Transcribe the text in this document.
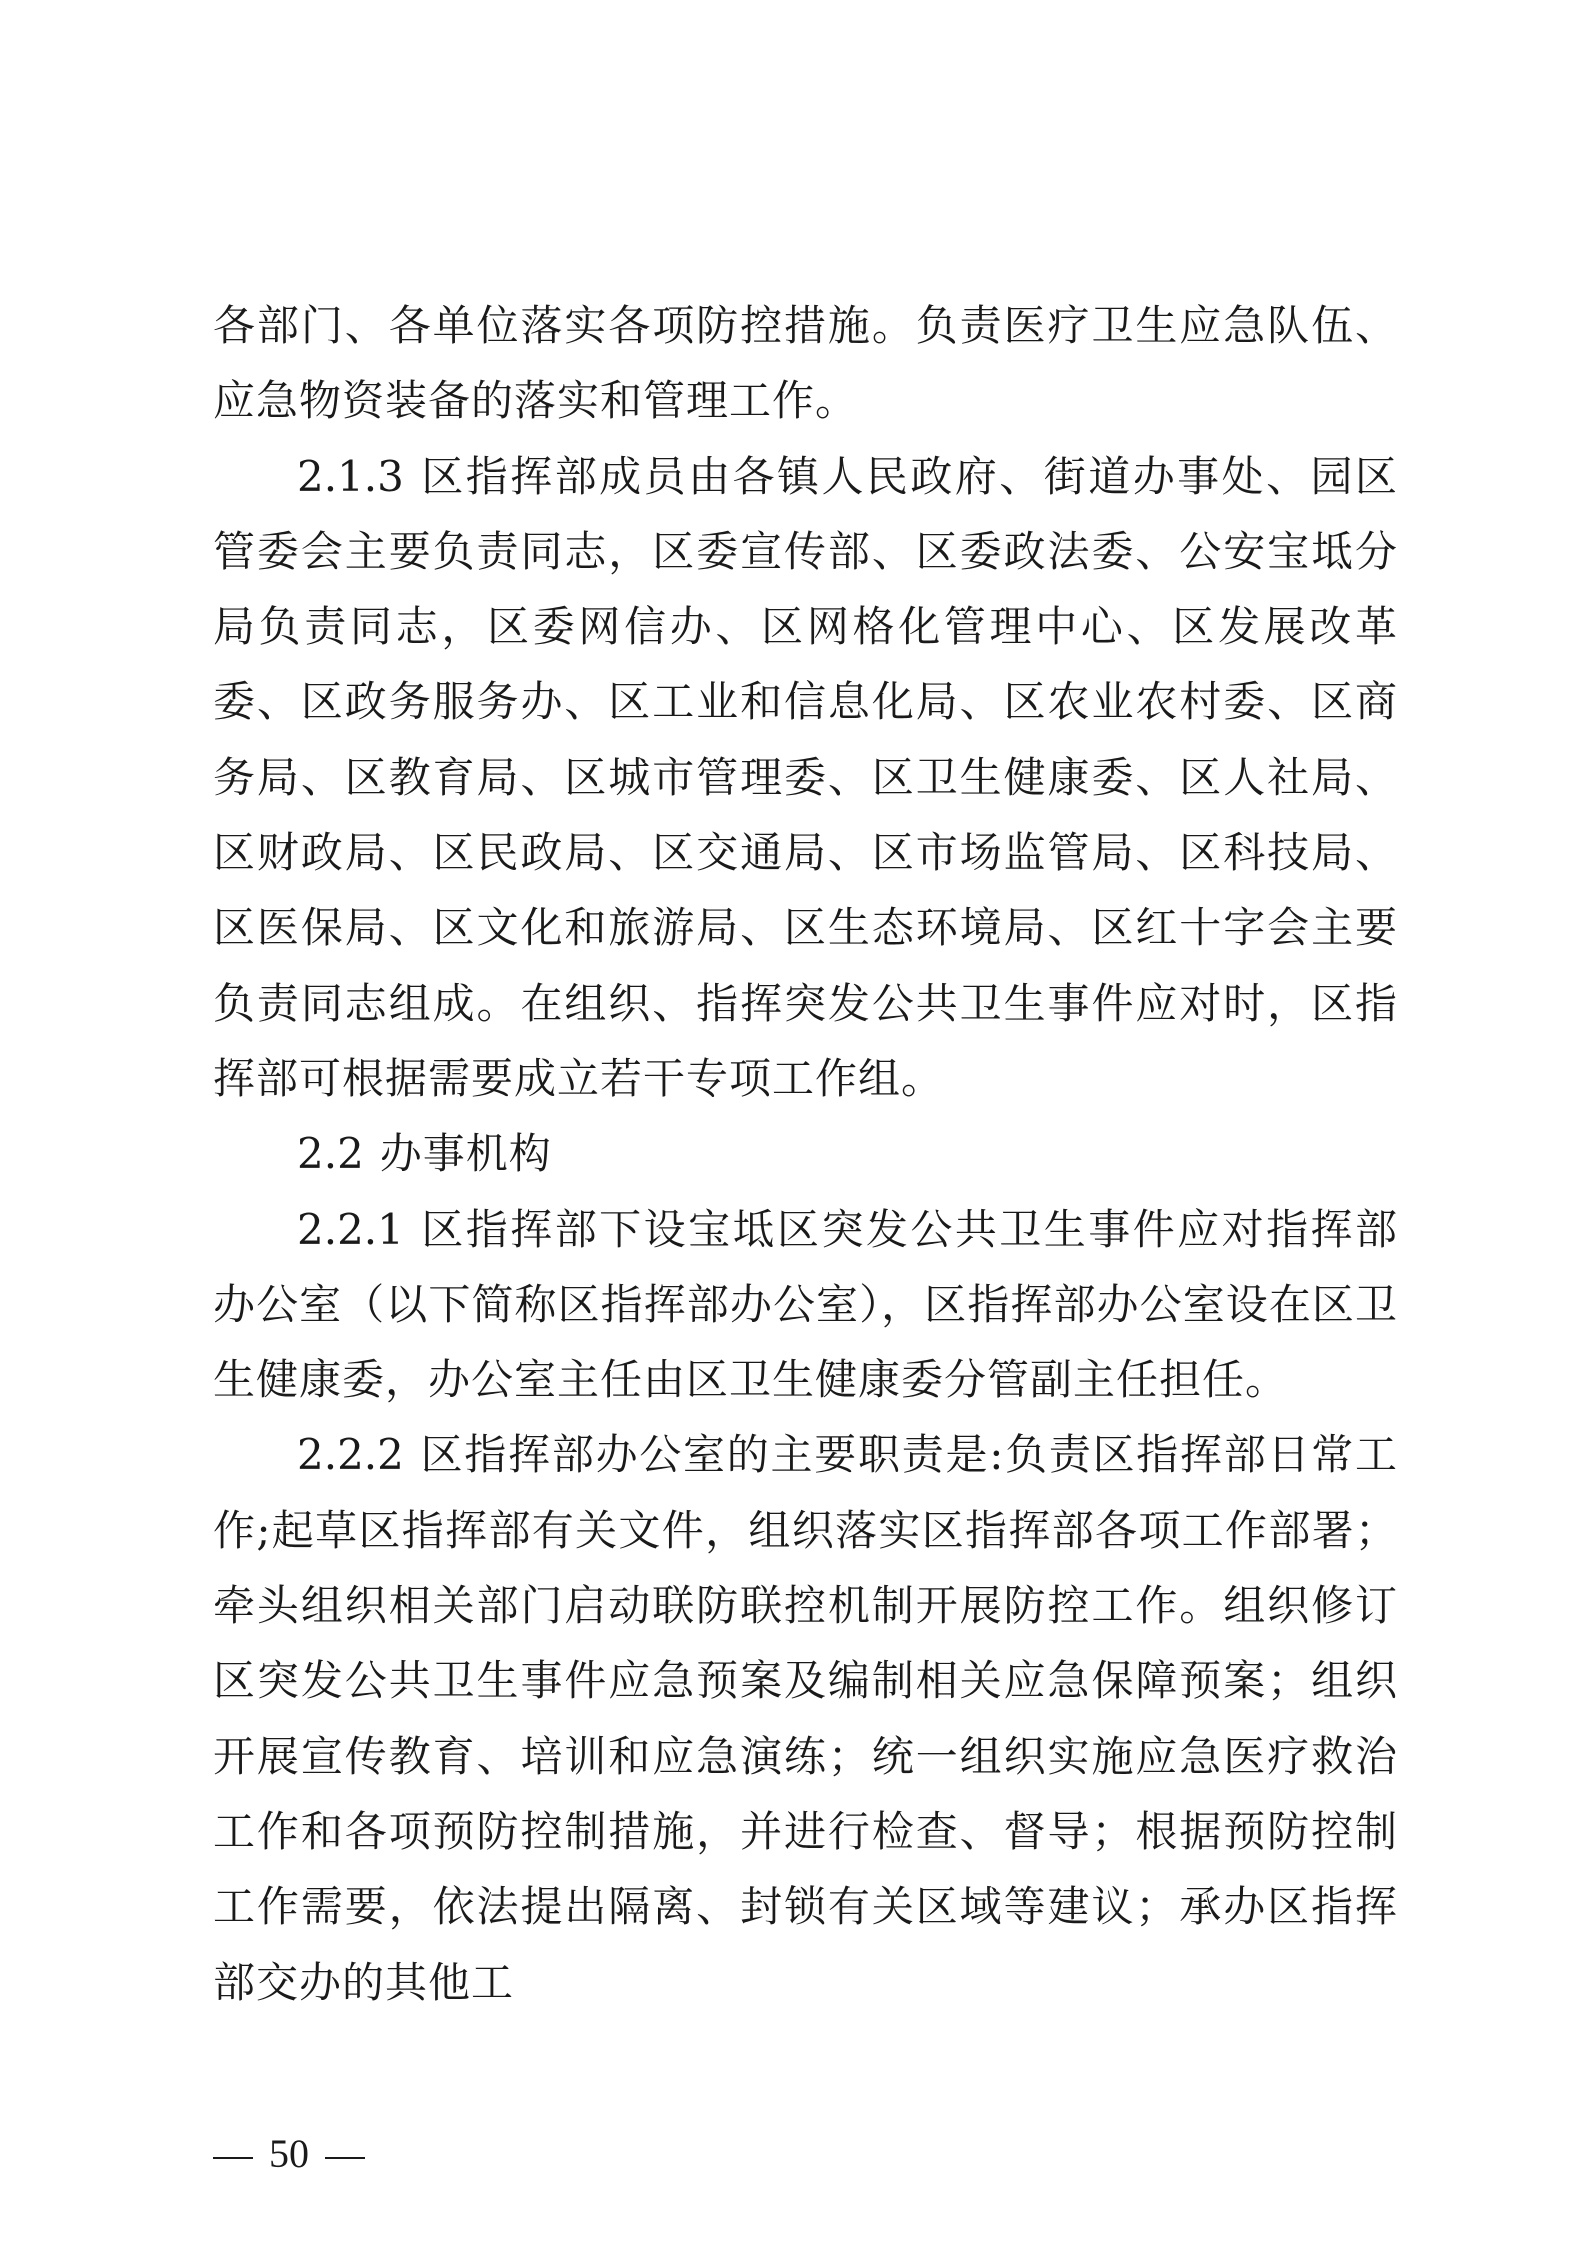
各部门、各单位落实各项防控措施。负责医疗卫生应急队伍、应急物资装备的落实和管理工作。

2.1.3 区指挥部成员由各镇人民政府、街道办事处、园区管委会主要负责同志，区委宣传部、区委政法委、公安宝坻分局负责同志，区委网信办、区网格化管理中心、区发展改革委、区政务服务办、区工业和信息化局、区农业农村委、区商务局、区教育局、区城市管理委、区卫生健康委、区人社局、区财政局、区民政局、区交通局、区市场监管局、区科技局、区医保局、区文化和旅游局、区生态环境局、区红十字会主要负责同志组成。在组织、指挥突发公共卫生事件应对时，区指挥部可根据需要成立若干专项工作组。

2.2 办事机构

2.2.1 区指挥部下设宝坻区突发公共卫生事件应对指挥部办公室（以下简称区指挥部办公室），区指挥部办公室设在区卫生健康委，办公室主任由区卫生健康委分管副主任担任。

2.2.2 区指挥部办公室的主要职责是:负责区指挥部日常工作;起草区指挥部有关文件，组织落实区指挥部各项工作部署；牵头组织相关部门启动联防联控机制开展防控工作。组织修订区突发公共卫生事件应急预案及编制相关应急保障预案；组织开展宣传教育、培训和应急演练；统一组织实施应急医疗救治工作和各项预防控制措施，并进行检查、督导；根据预防控制工作需要，依法提出隔离、封锁有关区域等建议；承办区指挥部交办的其他工

50
